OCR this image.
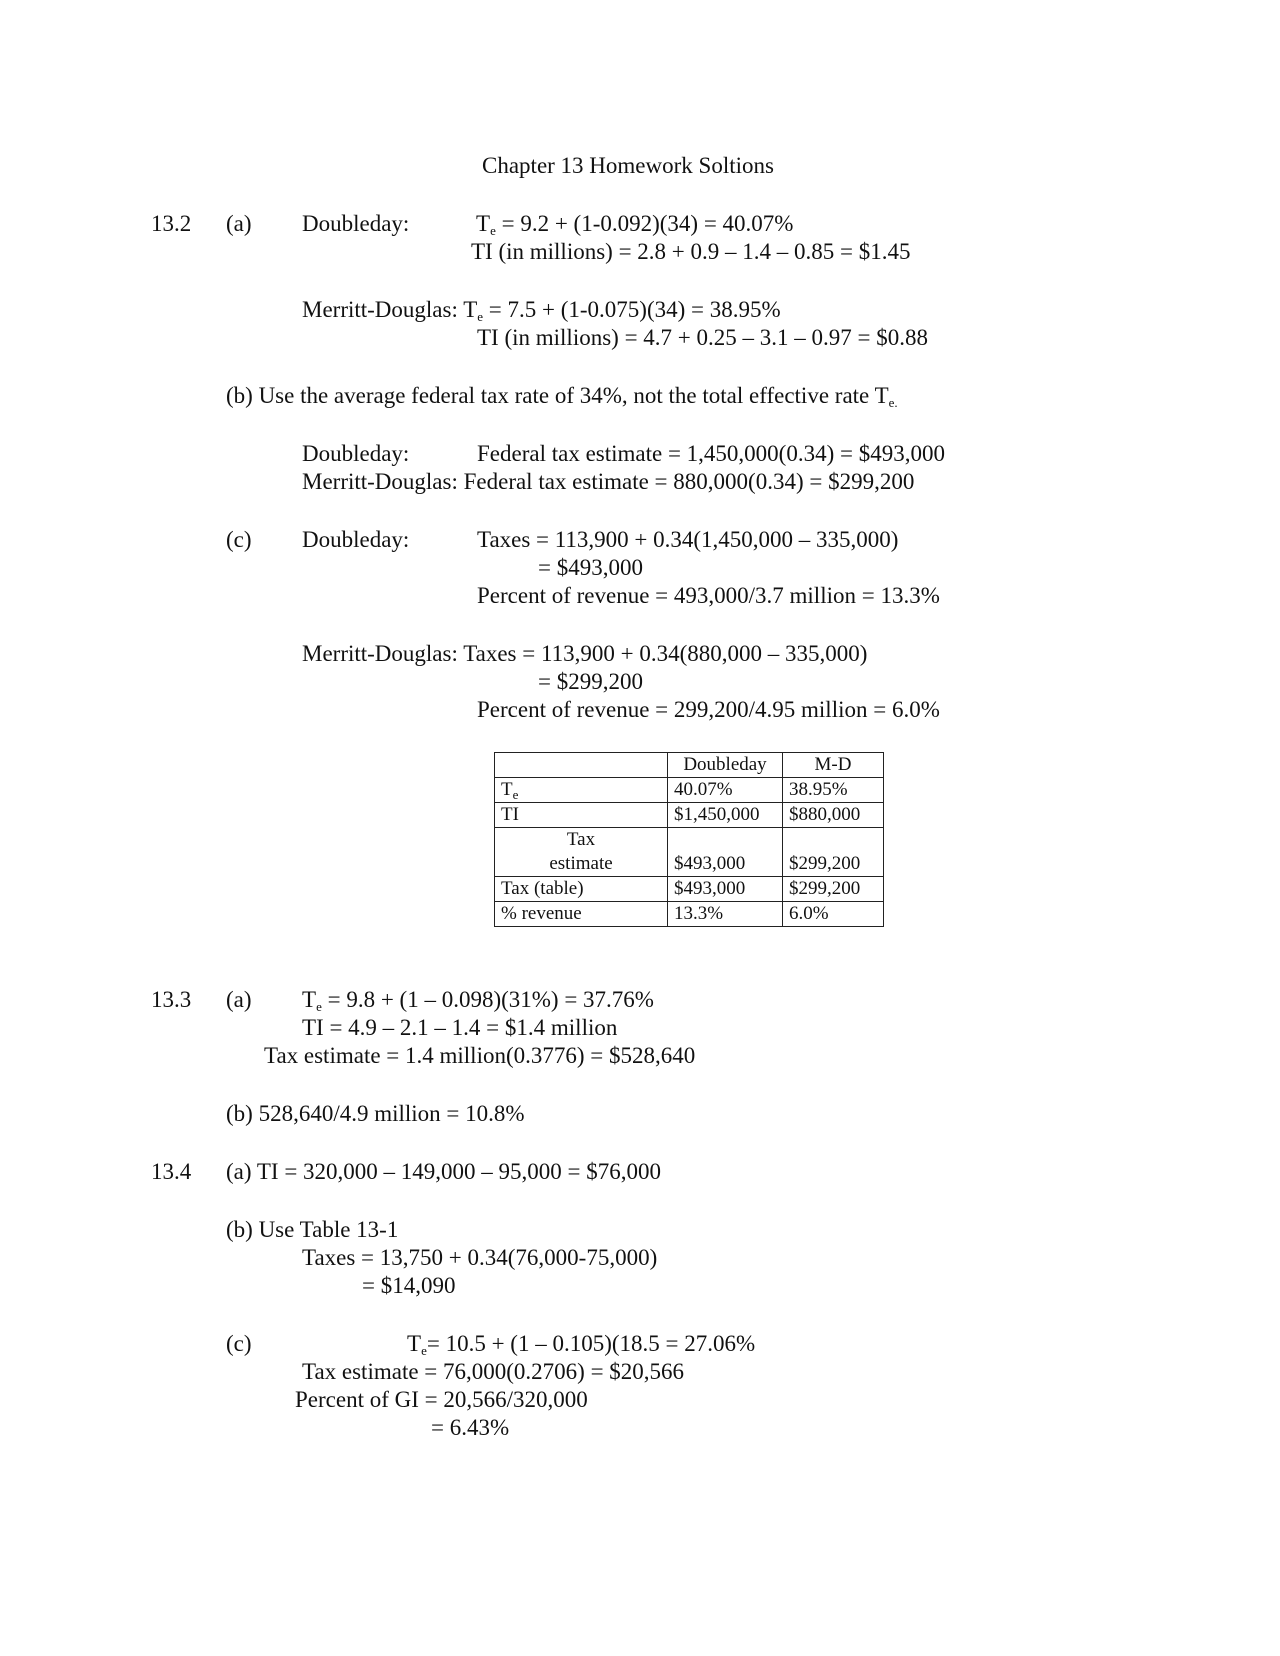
Chapter 13 Homework Soltions
13.2 (a) Doubleday:	$T_e = 9.2 + (1-0.092)(34) = 40.07\%$
TI (in millions) = 2.8 + 0.9 – 1.4 – 0.85 = $1.45
Merritt-Douglas: $T_e = 7.5 + (1-0.075)(34) = 38.95\%$
TI (in millions) = 4.7 + 0.25 – 3.1 – 0.97 = $0.88
(b) Use the average federal tax rate of 34%, not the total effective rate $T_{e.}$
Doubleday:	Federal tax estimate = 1,450,000(0.34) = $493,000
Merritt-Douglas: Federal tax estimate = 880,000(0.34) = $299,200
(c) Doubleday:	Taxes = 113,900 + 0.34(1,450,000 – 335,000)
= $493,000
Percent of revenue = 493,000/3.7 million = 13.3%
Merritt-Douglas: Taxes = 113,900 + 0.34(880,000 – 335,000)
= $299,200
Percent of revenue = 299,200/4.95 million = 6.0%
	Doubleday	M-D
$T_e$	40.07%	38.95%
TI	$1,450,000	$880,000

Tax
estimate	$493,000	$299,200
Tax (table)	$493,000	$299,200
% revenue	13.3%	6.0%
13.3 (a) $T_e = 9.8 + (1 - 0.098)(31\%) = 37.76\%$
TI = 4.9 – 2.1 – 1.4 = $1.4 million
Tax estimate = 1.4 million(0.3776) = $528,640
(b) 528,640/4.9 million = 10.8%
13.4 (a) TI = 320,000 – 149,000 – 95,000 = $76,000
(b) Use Table 13-1
Taxes = 13,750 + 0.34(76,000-75,000)
= $14,090
(c)	$T_e= 10.5 + (1 - 0.105)(18.5 = 27.06\%$
Tax estimate = 76,000(0.2706) = $20,566
Percent of GI = 20,566/320,000
= 6.43%
